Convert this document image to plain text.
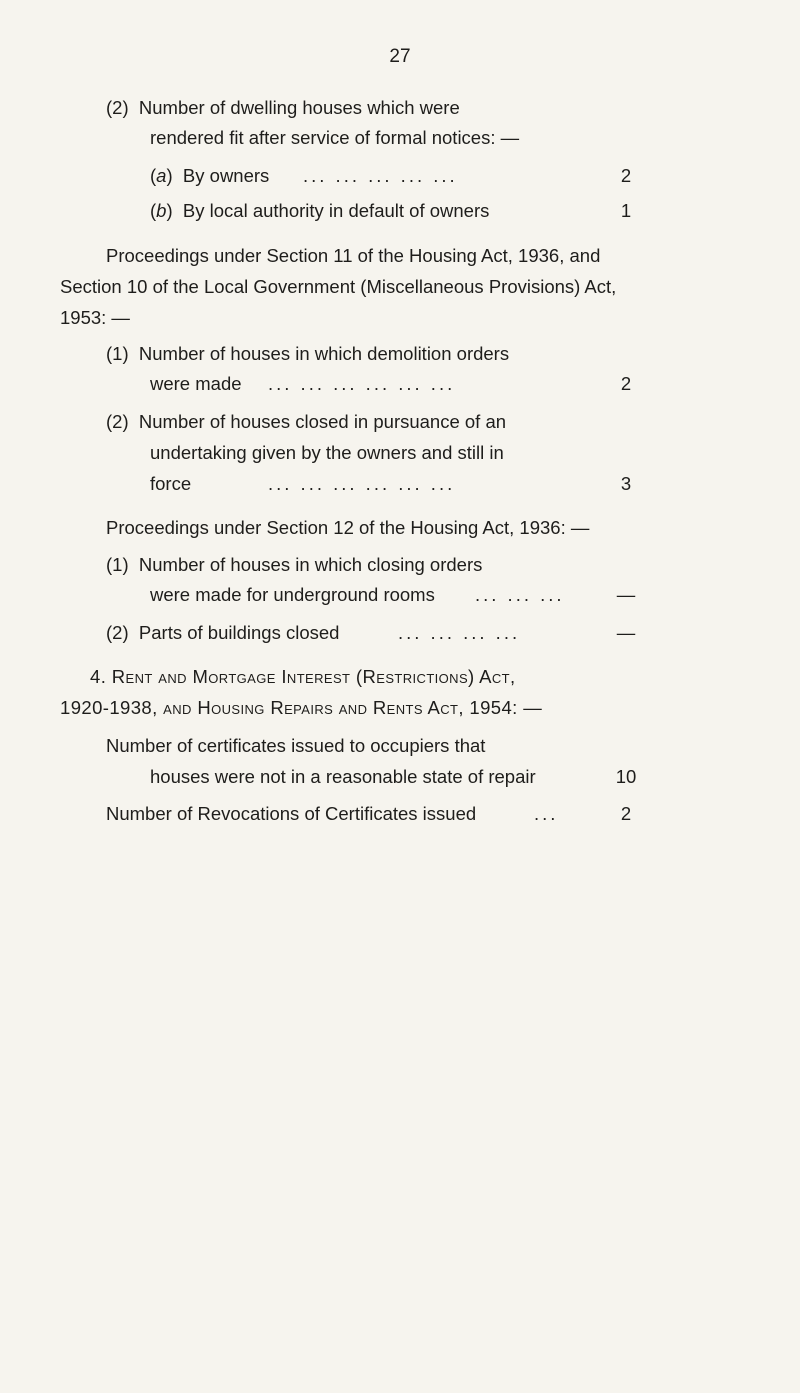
27
(2) Number of dwelling houses which were
rendered fit after service of formal notices: —
(a)  By owners ... ... ... ... ...	2
(b)  By local authority in default of owners	1
Proceedings under Section 11 of the Housing Act, 1936, and
Section 10 of the Local Government (Miscellaneous Provisions) Act,
1953: —
(1) Number of houses in which demolition orders
were made ... ... ... ... ... ...	2
(2) Number of houses closed in pursuance of an
undertaking given by the owners and still in
force	... ... ... ... ... ...	3
Proceedings under Section 12 of the Housing Act, 1936: —
(1) Number of houses in which closing orders
were made for underground rooms ... ... ...	—
(2) Parts of buildings closed	... ... ... ...	—
4. Rent and Mortgage Interest (Restrictions) Act,
1920-1938, and Housing Repairs and Rents Act, 1954: —
Number of certificates issued to occupiers that
houses were not in a reasonable state of repair	10
Number of Revocations of Certificates issued	...	2
